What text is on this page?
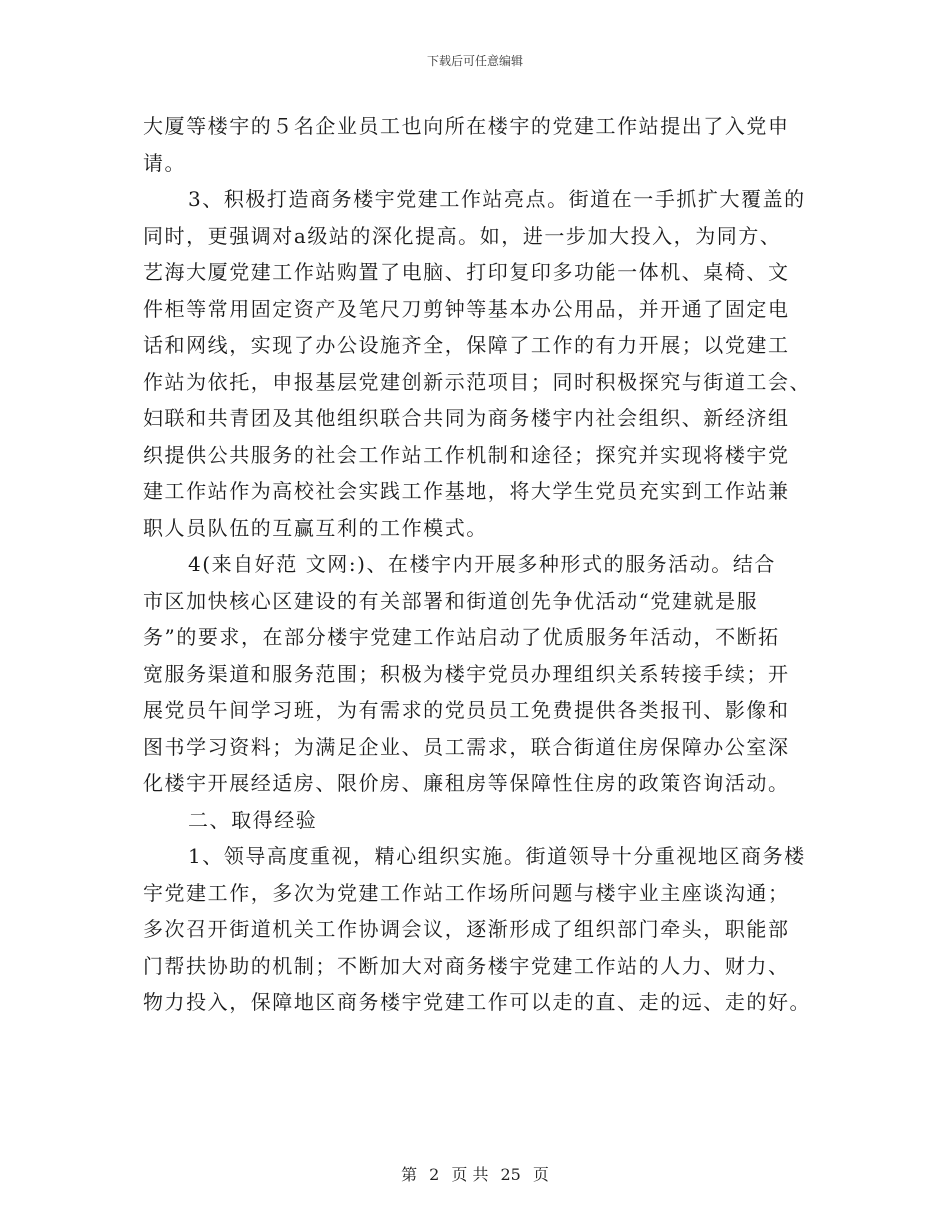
下载后可任意编辑
大厦等楼宇的５名企业员工也向所在楼宇的党建工作站提出了入党申
请。
3、积极打造商务楼宇党建工作站亮点。街道在一手抓扩大覆盖的
同时，更强调对a级站的深化提高。如，进一步加大投入，为同方、
艺海大厦党建工作站购置了电脑、打印复印多功能一体机、桌椅、文
件柜等常用固定资产及笔尺刀剪钟等基本办公用品，并开通了固定电
话和网线，实现了办公设施齐全，保障了工作的有力开展；以党建工
作站为依托，申报基层党建创新示范项目；同时积极探究与街道工会、
妇联和共青团及其他组织联合共同为商务楼宇内社会组织、新经济组
织提供公共服务的社会工作站工作机制和途径；探究并实现将楼宇党
建工作站作为高校社会实践工作基地，将大学生党员充实到工作站兼
职人员队伍的互赢互利的工作模式。
4(来自好范 文网:)、在楼宇内开展多种形式的服务活动。结合
市区加快核心区建设的有关部署和街道创先争优活动“党建就是服
务”的要求，在部分楼宇党建工作站启动了优质服务年活动，不断拓
宽服务渠道和服务范围；积极为楼宇党员办理组织关系转接手续；开
展党员午间学习班，为有需求的党员员工免费提供各类报刊、影像和
图书学习资料；为满足企业、员工需求，联合街道住房保障办公室深
化楼宇开展经适房、限价房、廉租房等保障性住房的政策咨询活动。
二、取得经验
1、领导高度重视，精心组织实施。街道领导十分重视地区商务楼
宇党建工作，多次为党建工作站工作场所问题与楼宇业主座谈沟通；
多次召开街道机关工作协调会议，逐渐形成了组织部门牵头，职能部
门帮扶协助的机制；不断加大对商务楼宇党建工作站的人力、财力、
物力投入，保障地区商务楼宇党建工作可以走的直、走的远、走的好。
第 2 页 共 25 页
